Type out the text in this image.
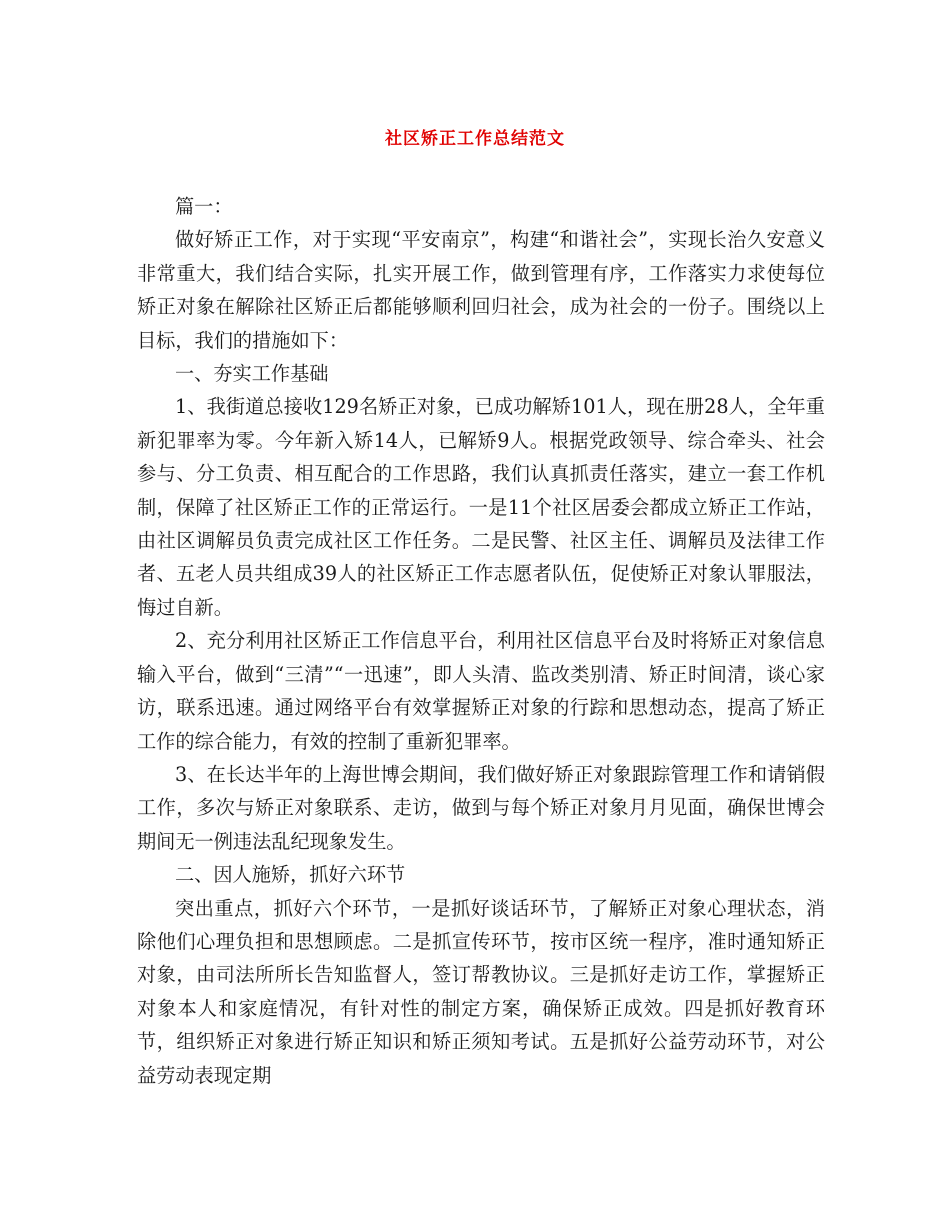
社区矫正工作总结范文

篇一：

做好矫正工作，对于实现“平安南京”，构建“和谐社会”，实现长治久安意义非常重大，我们结合实际，扎实开展工作，做到管理有序，工作落实力求使每位矫正对象在解除社区矫正后都能够顺利回归社会，成为社会的一份子。围绕以上目标，我们的措施如下：

一、夯实工作基础

1、我街道总接收129名矫正对象，已成功解矫101人，现在册28人，全年重新犯罪率为零。今年新入矫14人，已解矫9人。根据党政领导、综合牵头、社会参与、分工负责、相互配合的工作思路，我们认真抓责任落实，建立一套工作机制，保障了社区矫正工作的正常运行。一是11个社区居委会都成立矫正工作站，由社区调解员负责完成社区工作任务。二是民警、社区主任、调解员及法律工作者、五老人员共组成39人的社区矫正工作志愿者队伍，促使矫正对象认罪服法，悔过自新。

2、充分利用社区矫正工作信息平台，利用社区信息平台及时将矫正对象信息输入平台，做到“三清”“一迅速”，即人头清、监改类别清、矫正时间清，谈心家访，联系迅速。通过网络平台有效掌握矫正对象的行踪和思想动态，提高了矫正工作的综合能力，有效的控制了重新犯罪率。

3、在长达半年的上海世博会期间，我们做好矫正对象跟踪管理工作和请销假工作，多次与矫正对象联系、走访，做到与每个矫正对象月月见面，确保世博会期间无一例违法乱纪现象发生。

二、因人施矫，抓好六环节

突出重点，抓好六个环节，一是抓好谈话环节，了解矫正对象心理状态，消除他们心理负担和思想顾虑。二是抓宣传环节，按市区统一程序，准时通知矫正对象，由司法所所长告知监督人，签订帮教协议。三是抓好走访工作，掌握矫正对象本人和家庭情况，有针对性的制定方案，确保矫正成效。四是抓好教育环节，组织矫正对象进行矫正知识和矫正须知考试。五是抓好公益劳动环节，对公益劳动表现定期
